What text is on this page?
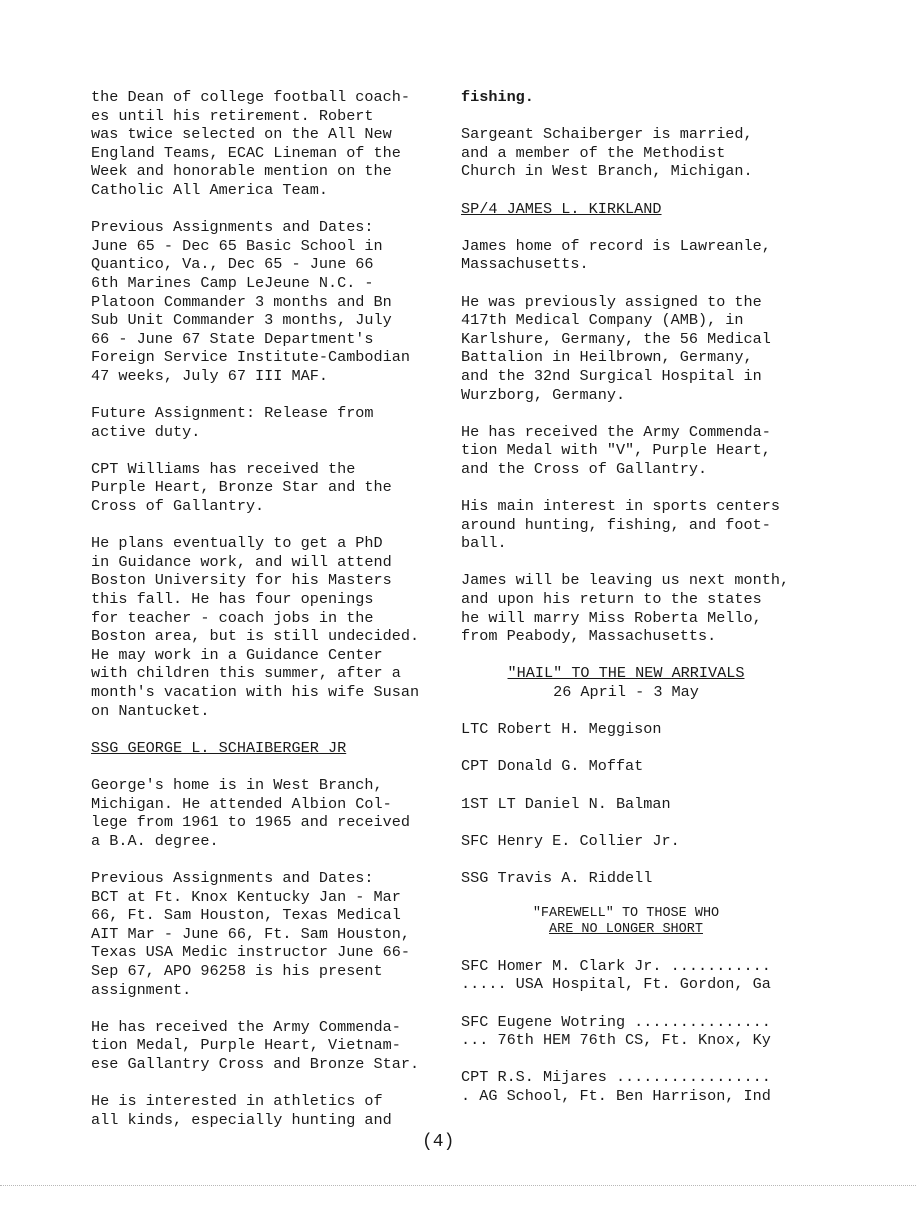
the Dean of college football coach-
es until his retirement. Robert
was twice selected on the All New
England Teams, ECAC Lineman of the
Week and honorable mention on the
Catholic All America Team.

Previous Assignments and Dates:
June 65 - Dec 65 Basic School in
Quantico, Va., Dec 65 - June 66
6th Marines Camp LeJeune N.C. -
Platoon Commander 3 months and Bn
Sub Unit Commander 3 months, July
66 - June 67 State Department's
Foreign Service Institute-Cambodian
47 weeks, July 67 III MAF.

Future Assignment: Release from
active duty.

CPT Williams has received the
Purple Heart, Bronze Star and the
Cross of Gallantry.

He plans eventually to get a PhD
in Guidance work, and will attend
Boston University for his Masters
this fall. He has four openings
for teacher - coach jobs in the
Boston area, but is still undecided.
He may work in a Guidance Center
with children this summer, after a
month's vacation with his wife Susan
on Nantucket.

SSG GEORGE L. SCHAIBERGER JR

George's home is in West Branch,
Michigan. He attended Albion Col-
lege from 1961 to 1965 and received
a B.A. degree.

Previous Assignments and Dates:
BCT at Ft. Knox Kentucky Jan - Mar
66, Ft. Sam Houston, Texas Medical
AIT Mar - June 66, Ft. Sam Houston,
Texas USA Medic instructor June 66-
Sep 67, APO 96258 is his present
assignment.

He has received the Army Commenda-
tion Medal, Purple Heart, Vietnam-
ese Gallantry Cross and Bronze Star.

He is interested in athletics of
all kinds, especially hunting and

fishing.

Sargeant Schaiberger is married,
and a member of the Methodist
Church in West Branch, Michigan.

SP/4 JAMES L. KIRKLAND

James home of record is Lawreanle,
Massachusetts.

He was previously assigned to the
417th Medical Company (AMB), in
Karlshure, Germany, the 56 Medical
Battalion in Heilbrown, Germany,
and the 32nd Surgical Hospital in
Wurzborg, Germany.

He has received the Army Commenda-
tion Medal with "V", Purple Heart,
and the Cross of Gallantry.

His main interest in sports centers
around hunting, fishing, and foot-
ball.

James will be leaving us next month,
and upon his return to the states
he will marry Miss Roberta Mello,
from Peabody, Massachusetts.

"HAIL" TO THE NEW ARRIVALS
26 April - 3 May

LTC Robert H. Meggison

CPT Donald G. Moffat

1ST LT Daniel N. Balman

SFC Henry E. Collier Jr.

SSG Travis A. Riddell

"FAREWELL" TO THOSE WHO
ARE NO LONGER SHORT

SFC Homer M. Clark Jr. ...........
..... USA Hospital, Ft. Gordon, Ga

SFC Eugene Wotring ...............
... 76th HEM 76th CS, Ft. Knox, Ky

CPT R.S. Mijares .................
. AG School, Ft. Ben Harrison, Ind

(4)
